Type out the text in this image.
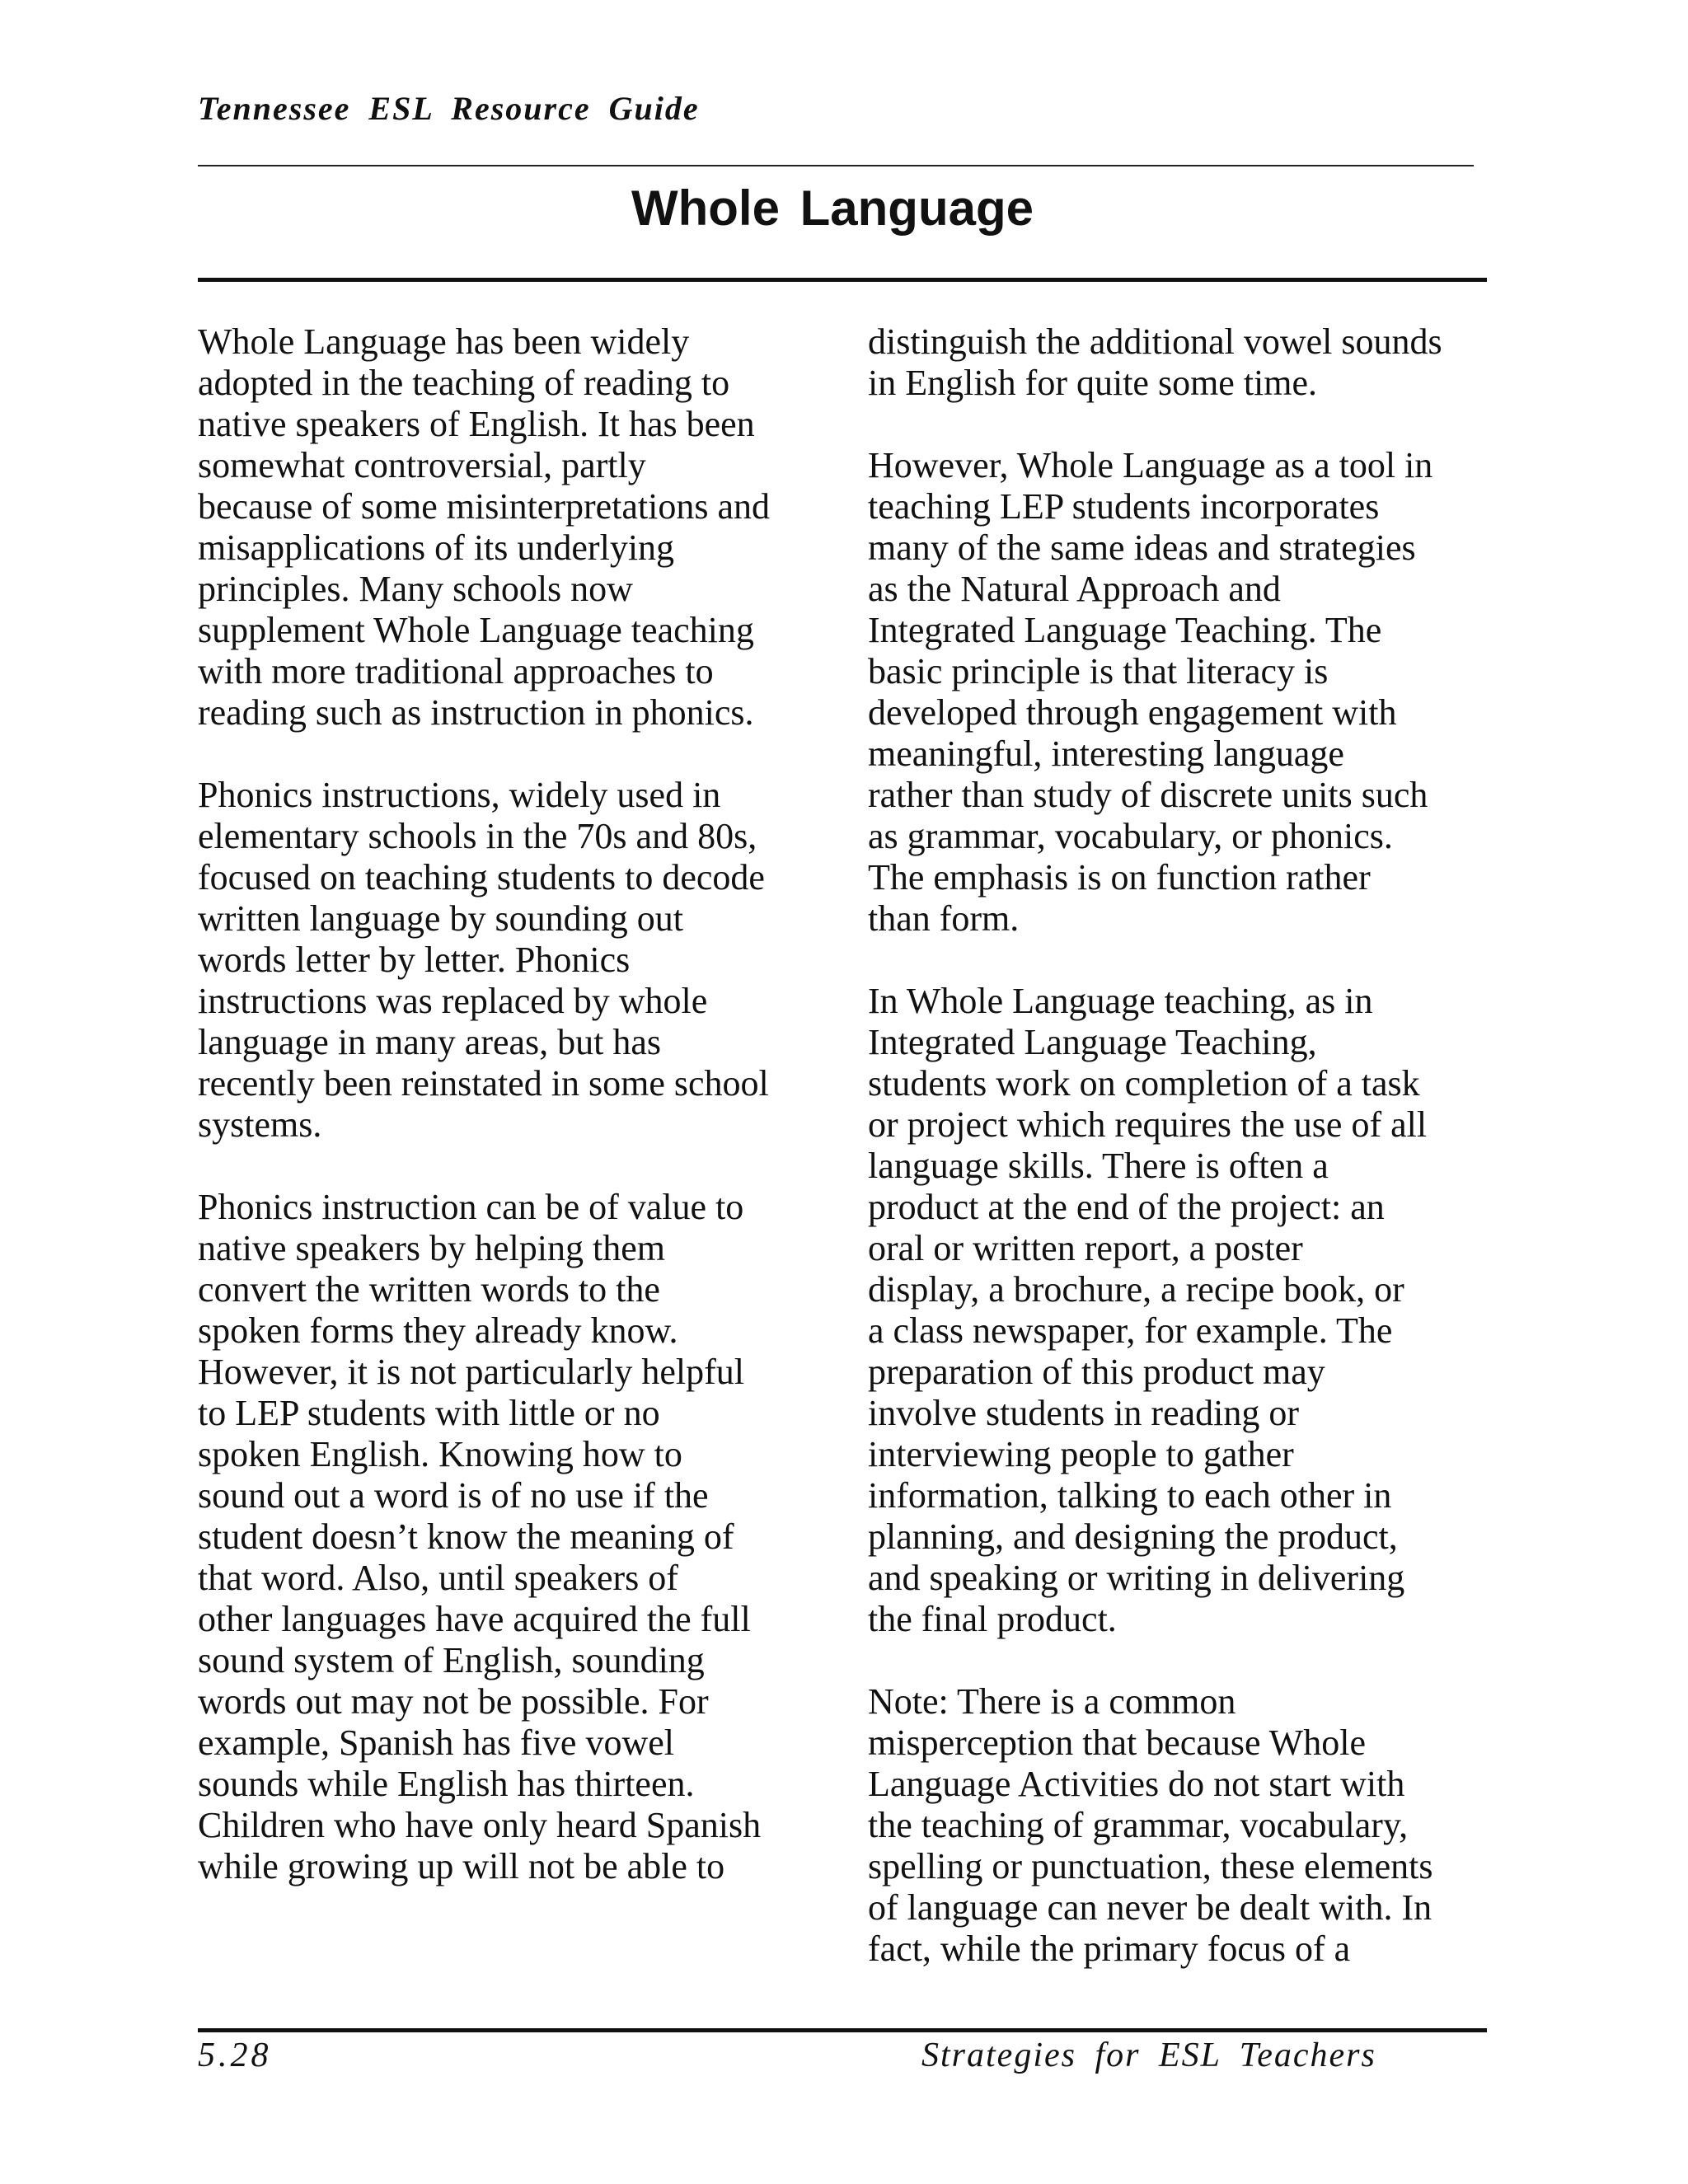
Tennessee ESL Resource Guide
Whole Language

Whole Language has been widely
adopted in the teaching of reading to
native speakers of English. It has been
somewhat controversial, partly
because of some misinterpretations and
misapplications of its underlying
principles. Many schools now
supplement Whole Language teaching
with more traditional approaches to
reading such as instruction in phonics.

Phonics instructions, widely used in
elementary schools in the 70s and 80s,
focused on teaching students to decode
written language by sounding out
words letter by letter. Phonics
instructions was replaced by whole
language in many areas, but has
recently been reinstated in some school
systems.

Phonics instruction can be of value to
native speakers by helping them
convert the written words to the
spoken forms they already know.
However, it is not particularly helpful
to LEP students with little or no
spoken English. Knowing how to
sound out a word is of no use if the
student doesn’t know the meaning of
that word. Also, until speakers of
other languages have acquired the full
sound system of English, sounding
words out may not be possible. For
example, Spanish has five vowel
sounds while English has thirteen.
Children who have only heard Spanish
while growing up will not be able to

distinguish the additional vowel sounds
in English for quite some time.

However, Whole Language as a tool in
teaching LEP students incorporates
many of the same ideas and strategies
as the Natural Approach and
Integrated Language Teaching. The
basic principle is that literacy is
developed through engagement with
meaningful, interesting language
rather than study of discrete units such
as grammar, vocabulary, or phonics.
The emphasis is on function rather
than form.

In Whole Language teaching, as in
Integrated Language Teaching,
students work on completion of a task
or project which requires the use of all
language skills. There is often a
product at the end of the project: an
oral or written report, a poster
display, a brochure, a recipe book, or
a class newspaper, for example. The
preparation of this product may
involve students in reading or
interviewing people to gather
information, talking to each other in
planning, and designing the product,
and speaking or writing in delivering
the final product.

Note: There is a common
misperception that because Whole
Language Activities do not start with
the teaching of grammar, vocabulary,
spelling or punctuation, these elements
of language can never be dealt with. In
fact, while the primary focus of a

5.28	Strategies for ESL Teachers
